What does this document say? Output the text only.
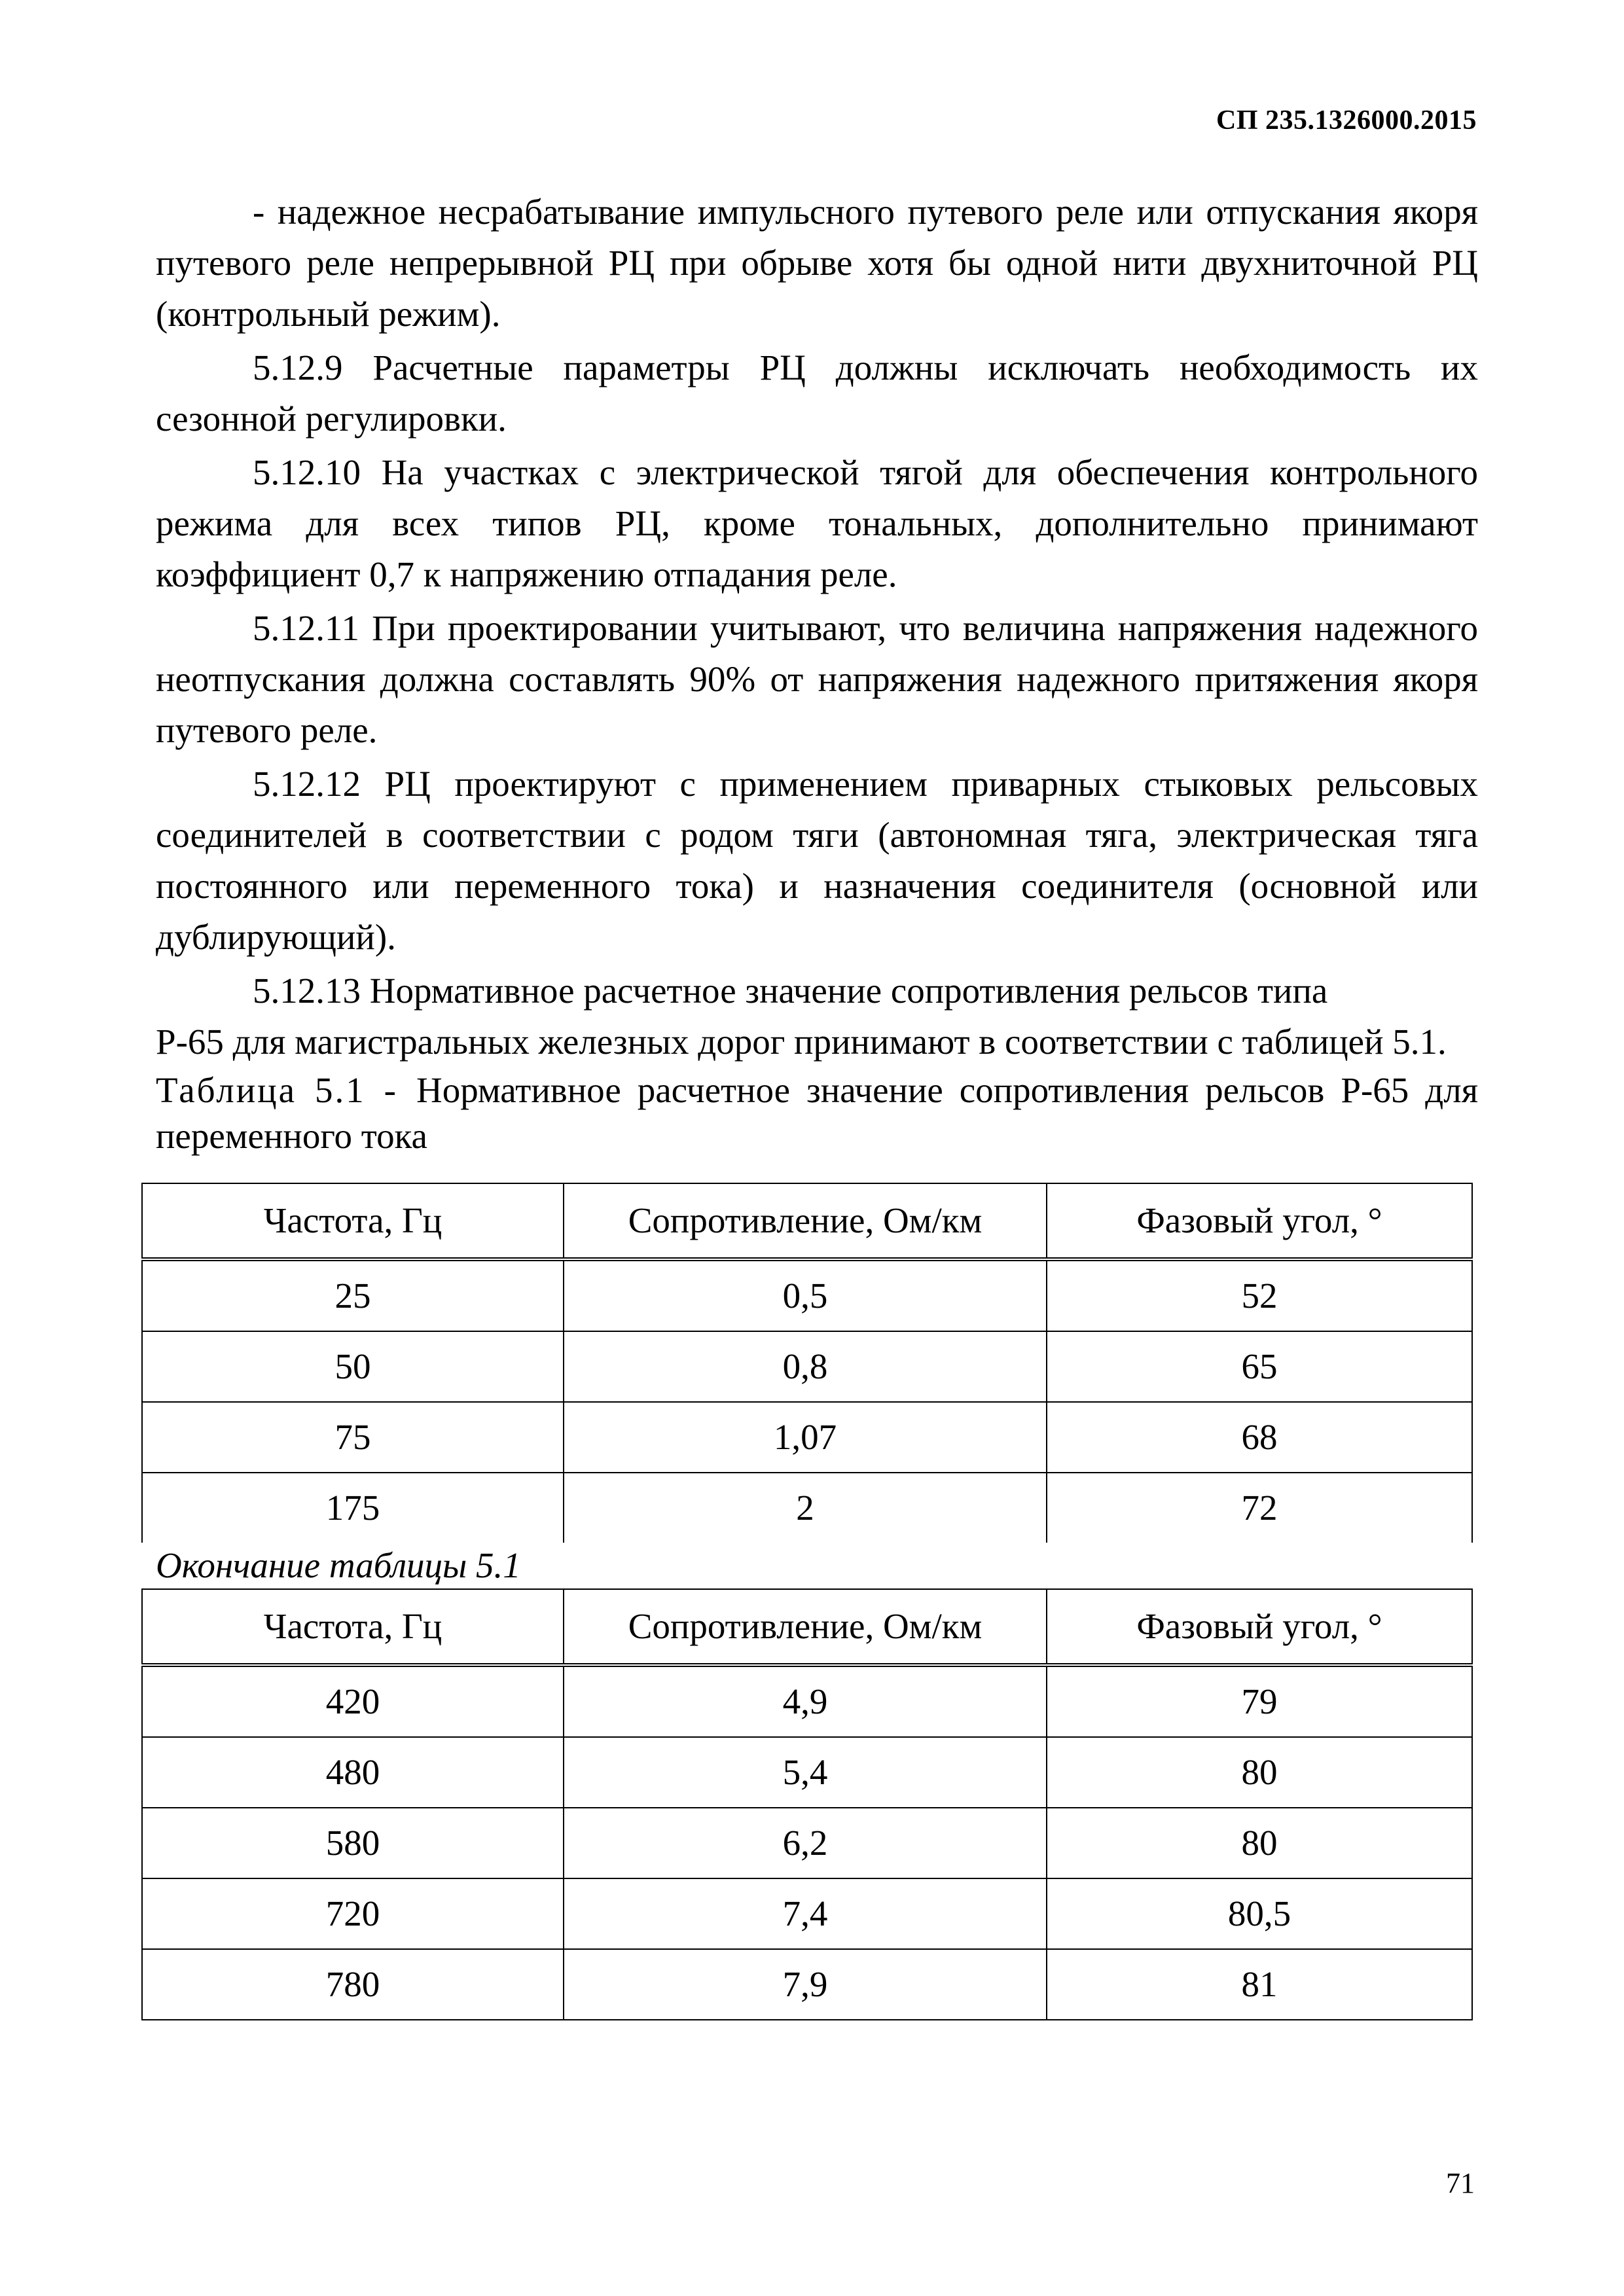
СП 235.1326000.2015

- надежное несрабатывание импульсного путевого реле или отпускания якоря путевого реле непрерывной РЦ при обрыве хотя бы одной нити двухниточной РЦ (контрольный режим).

5.12.9 Расчетные параметры РЦ должны исключать необходимость их сезонной регулировки.

5.12.10 На участках с электрической тягой для обеспечения контрольного режима для всех типов РЦ, кроме тональных, дополнительно принимают коэффициент 0,7 к напряжению отпадания реле.

5.12.11 При проектировании учитывают, что величина напряжения надежного неотпускания должна составлять 90% от напряжения надежного притяжения якоря путевого реле.

5.12.12 РЦ проектируют с применением приварных стыковых рельсовых соединителей в соответствии с родом тяги (автономная тяга, электрическая тяга постоянного или переменного тока) и назначения соединителя (основной или дублирующий).

5.12.13 Нормативное расчетное значение сопротивления рельсов типа

Р-65 для магистральных железных дорог принимают в соответствии с таблицей 5.1.

Таблица 5.1 - Нормативное расчетное значение сопротивления рельсов Р-65 для переменного тока

Частота, Гц	Сопротивление, Ом/км	Фазовый угол, °
25	0,5	52
50	0,8	65
75	1,07	68
175	2	72

Окончание таблицы 5.1

Частота, Гц	Сопротивление, Ом/км	Фазовый угол, °
420	4,9	79
480	5,4	80
580	6,2	80
720	7,4	80,5
780	7,9	81
71
